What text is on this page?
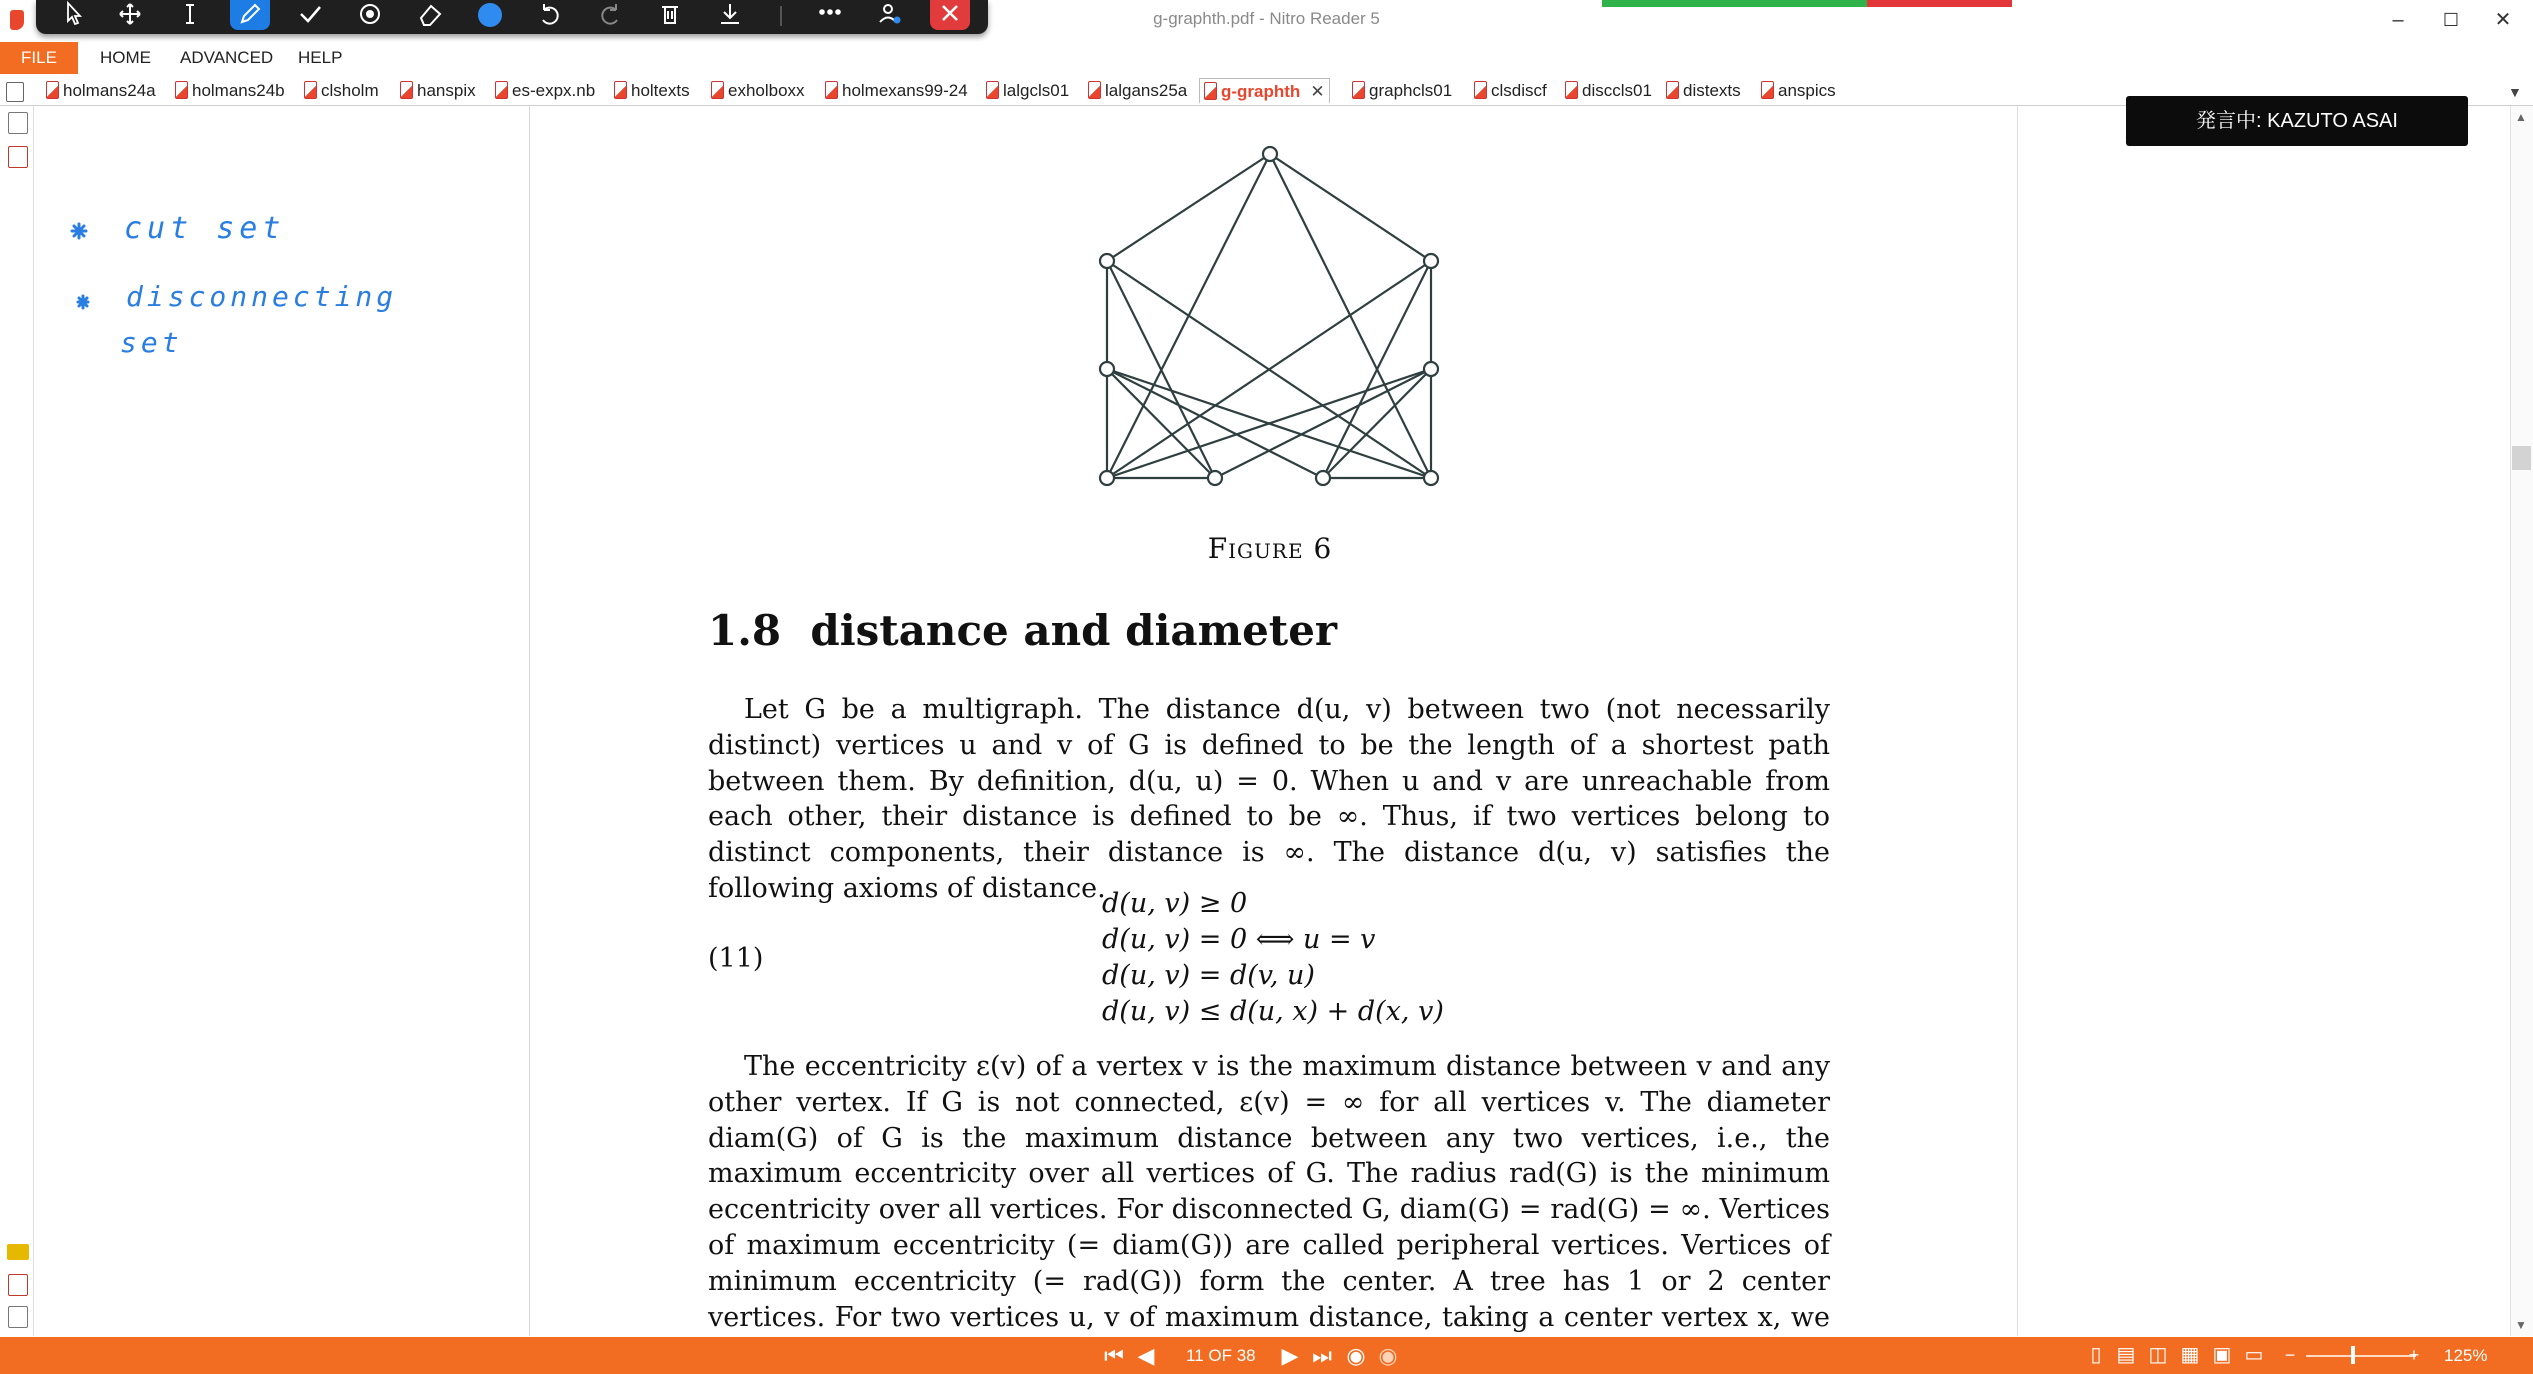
g-graphth.pdf - Nitro Reader 5	–	☐	✕
FILE	HOME	ADVANCED	HELP
holmans24a	holmans24b	clsholm	hanspix	es-expx.nb	holtexts	exholboxx	holmexans99-24	lalgcls01	lalgans25a	g-graphth ✕	graphcls01	clsdiscf	disccls01	distexts	anspics	▼
cut set
disconnecting
set
▲
▼
発言中: KAZUTO ASAI
Figure 6
1.8 distance and diameter
Let G be a multigraph. The distance d(u, v) between two (not necessarily distinct) vertices u and v of G is defined to be the length of a shortest path between them. By definition, d(u, u) = 0. When u and v are unreachable from each other, their distance is defined to be ∞. Thus, if two vertices belong to distinct components, their distance is ∞. The distance d(u, v) satisfies the following axioms of distance.
(11)
d(u, v) ≥ 0
d(u, v) = 0 ⟺ u = v
d(u, v) = d(v, u)
d(u, v) ≤ d(u, x) + d(x, v)
The eccentricity ε(v) of a vertex v is the maximum distance between v and any other vertex. If G is not connected, ε(v) = ∞ for all vertices v. The diameter diam(G) of G is the maximum distance between any two vertices, i.e., the maximum eccentricity over all vertices of G. The radius rad(G) is the minimum eccentricity over all vertices. For disconnected G, diam(G) = rad(G) = ∞. Vertices of maximum eccentricity (= diam(G)) are called peripheral vertices. Vertices of minimum eccentricity (= rad(G)) form the center. A tree has 1 or 2 center vertices. For two vertices u, v of maximum distance, taking a center vertex x, we
⏮ ◀ 11 OF 38 ▶ ⏭ ◉ ◉	▯ ▤ ◫ ▦ ▣ ▭ −	+ 125%
